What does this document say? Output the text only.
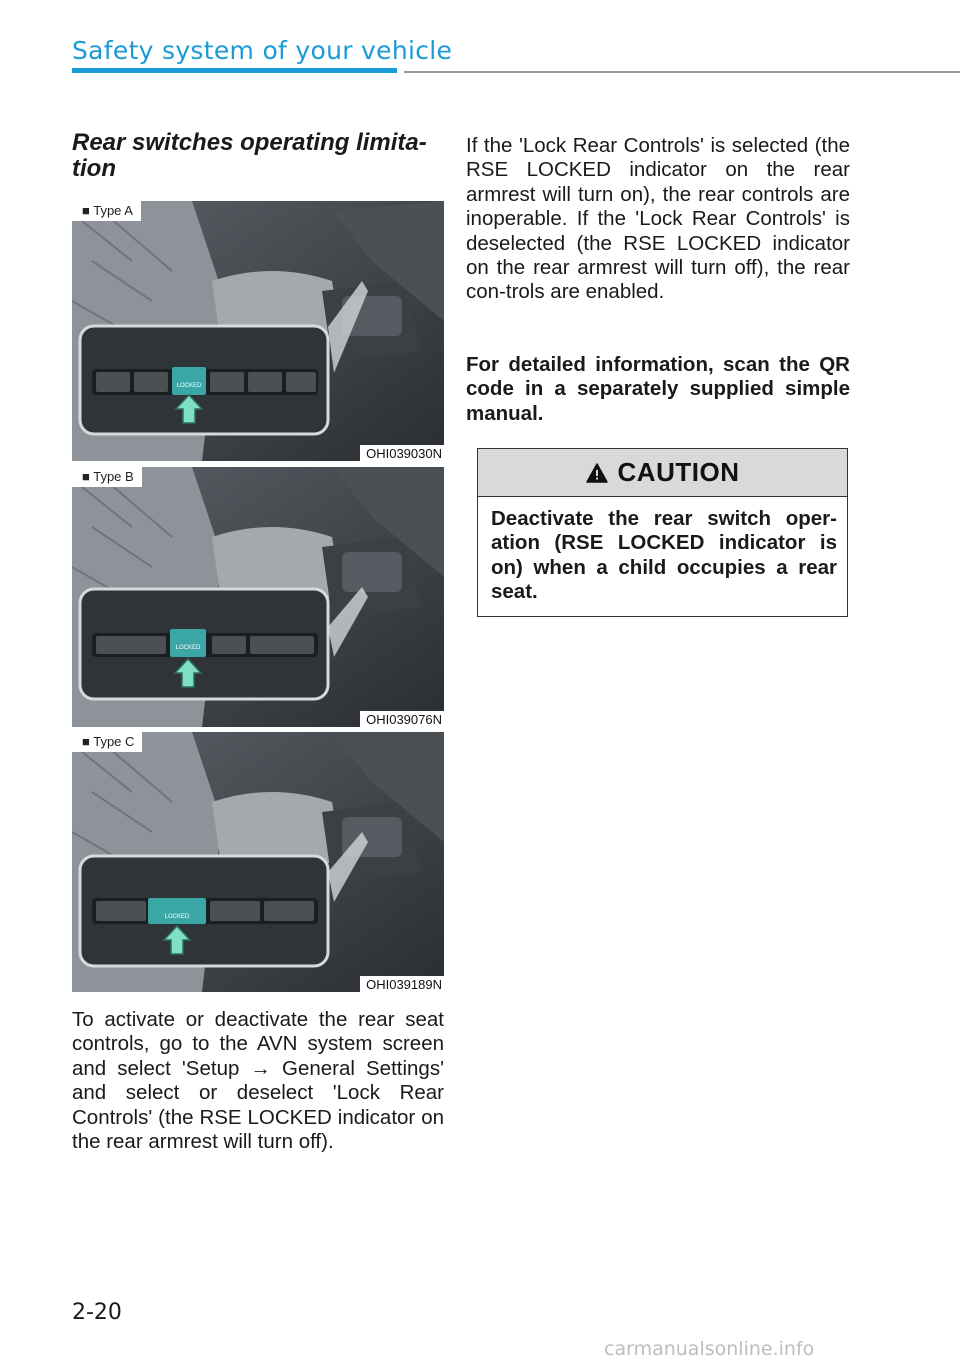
Safety system of your vehicle
Rear switches operating limita-
tion
LOCKED
OHI039030N
■ Type A
LOCKED
OHI039076N
■ Type B
LOCKED
OHI039189N
■ Type C
To activate or deactivate the rear seat controls, go to the AVN system screen and select 'Setup → General Settings' and select or deselect 'Lock Rear Controls' (the RSE LOCKED indicator on the rear armrest will turn off).
If the 'Lock Rear Controls' is selected (the RSE LOCKED indicator on the rear armrest will turn on), the rear controls are inoperable. If the 'Lock Rear Controls' is deselected (the RSE LOCKED indicator on the rear armrest will turn off), the rear con-trols are enabled.
For detailed information, scan the QR code in a separately supplied simple manual.
CAUTION
Deactivate the rear switch oper-ation (RSE LOCKED indicator is on) when a child occupies a rear seat.
2-20
carmanualsonline.info
